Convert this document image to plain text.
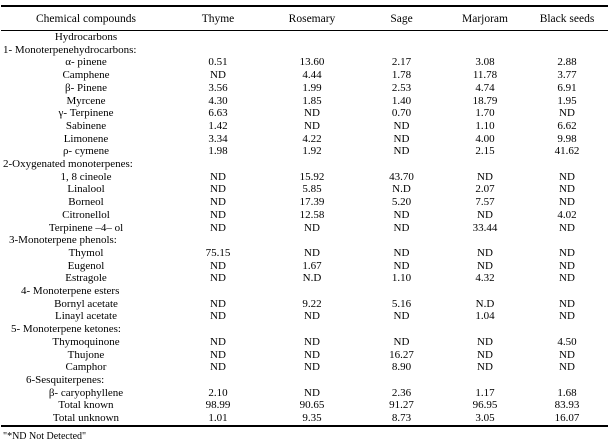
Chemical compounds	Thyme	Rosemary	Sage	Marjoram	Black seeds
Hydrocarbons					
1- Monoterpenehydrocarbons:					
α- pinene	0.51	13.60	2.17	3.08	2.88
Camphene	ND	4.44	1.78	11.78	3.77
β- Pinene	3.56	1.99	2.53	4.74	6.91
Myrcene	4.30	1.85	1.40	18.79	1.95
γ- Terpinene	6.63	ND	0.70	1.70	ND
Sabinene	1.42	ND	ND	1.10	6.62
Limonene	3.34	4.22	ND	4.00	9.98
ρ- cymene	1.98	1.92	ND	2.15	41.62
2-Oxygenated monoterpenes:					
1, 8 cineole	ND	15.92	43.70	ND	ND
Linalool	ND	5.85	N.D	2.07	ND
Borneol	ND	17.39	5.20	7.57	ND
Citronellol	ND	12.58	ND	ND	4.02
Terpinene –4– ol	ND	ND	ND	33.44	ND
3-Monoterpene phenols:					
Thymol	75.15	ND	ND	ND	ND
Eugenol	ND	1.67	ND	ND	ND
Estragole	ND	N.D	1.10	4.32	ND
4- Monoterpene esters					
Bornyl acetate	ND	9.22	5.16	N.D	ND
Linayl acetate	ND	ND	ND	1.04	ND
5- Monoterpene ketones:					
Thymoquinone	ND	ND	ND	ND	4.50
Thujone	ND	ND	16.27	ND	ND
Camphor	ND	ND	8.90	ND	ND
6-Sesquiterpenes:					
β- caryophyllene	2.10	ND	2.36	1.17	1.68
Total known	98.99	90.65	91.27	96.95	83.93
Total unknown	1.01	9.35	8.73	3.05	16.07
"*ND Not Detected"
